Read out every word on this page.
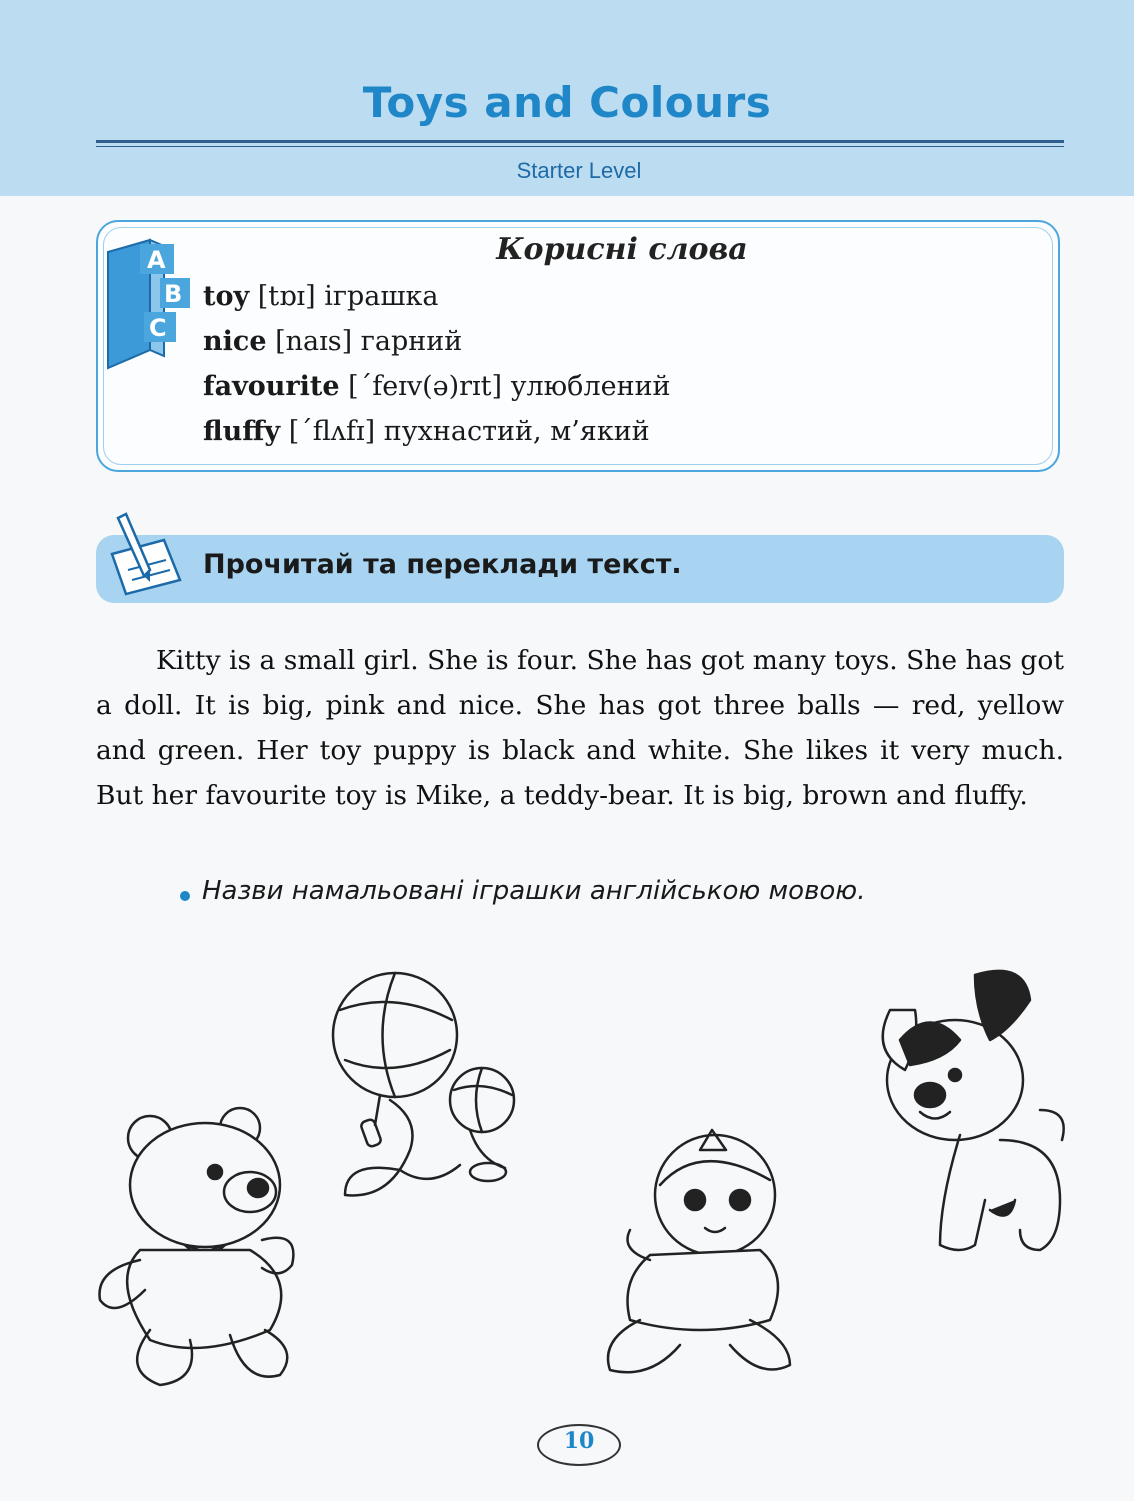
Toys and Colours
Starter Level
Корисні слова
A
B
C
toy [tɒɪ] іграшка
nice [naɪs] гарний
favourite [ˊfeɪv(ə)rɪt] улюблений
fluffy [ˊflʌfɪ] пухнастий, м’який
Прочитай та переклади текст.

Kitty is a small girl. She is four. She has got many toys. She has got a doll. It is big, pink and nice. She has got three balls — red, yellow and green. Her toy puppy is black and white. She likes it very much. But her favourite toy is Mike, a teddy-bear. It is big, brown and fluffy.

Назви намальовані іграшки англійською мовою.
10
